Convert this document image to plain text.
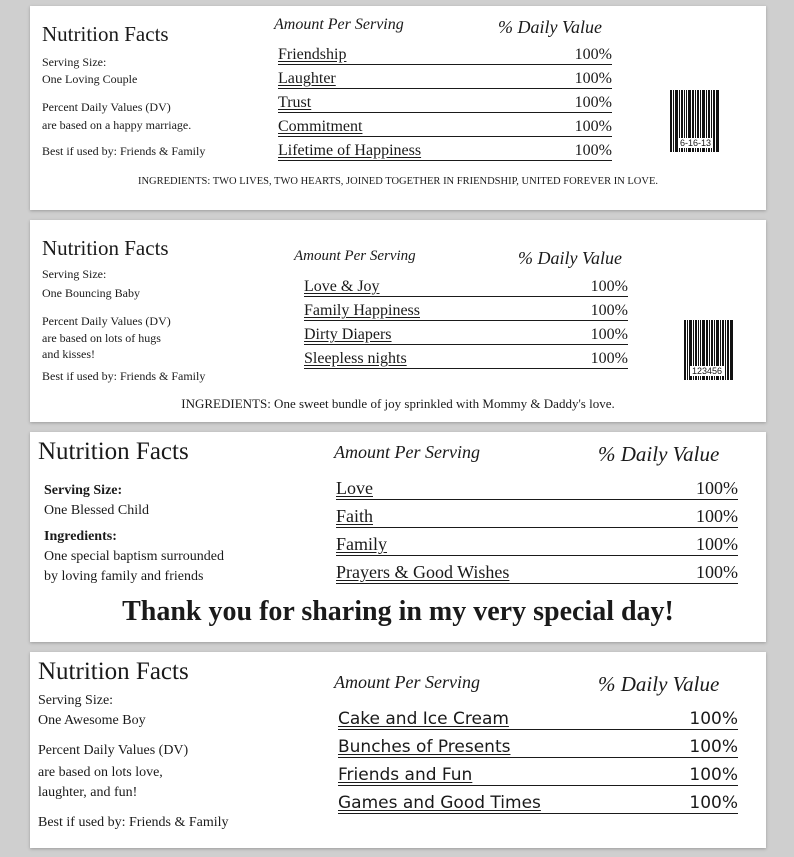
Nutrition Facts
Serving Size:
One Loving Couple
Percent Daily Values (DV)
are based on a happy marriage.
Best if used by: Friends & Family
Amount Per Serving	% Daily Value
Friendship	100%
Laughter	100%
Trust	100%
Commitment	100%
Lifetime of Happiness	100%	6-16-13
INGREDIENTS: TWO LIVES, TWO HEARTS, JOINED TOGETHER IN FRIENDSHIP, UNITED FOREVER IN LOVE.
Nutrition Facts
Serving Size:
One Bouncing Baby
Percent Daily Values (DV)
are based on lots of hugs
and kisses!
Best if used by: Friends & Family
Amount Per Serving	% Daily Value
Love & Joy	100%
Family Happiness	100%
Dirty Diapers	100%
Sleepless nights	100%
123456
INGREDIENTS: One sweet bundle of joy sprinkled with Mommy & Daddy's love.
Nutrition Facts
Serving Size:
One Blessed Child
Ingredients:
One special baptism surrounded
by loving family and friends
Amount Per Serving	% Daily Value
Love	100%
Faith	100%
Family	100%
Prayers & Good Wishes	100%
Thank you for sharing in my very special day!
Nutrition Facts
Serving Size:
One Awesome Boy
Percent Daily Values (DV)
are based on lots love,
laughter, and fun!
Best if used by: Friends & Family
Amount Per Serving	% Daily Value
Cake and Ice Cream	100%
Bunches of Presents	100%
Friends and Fun	100%
Games and Good Times	100%
